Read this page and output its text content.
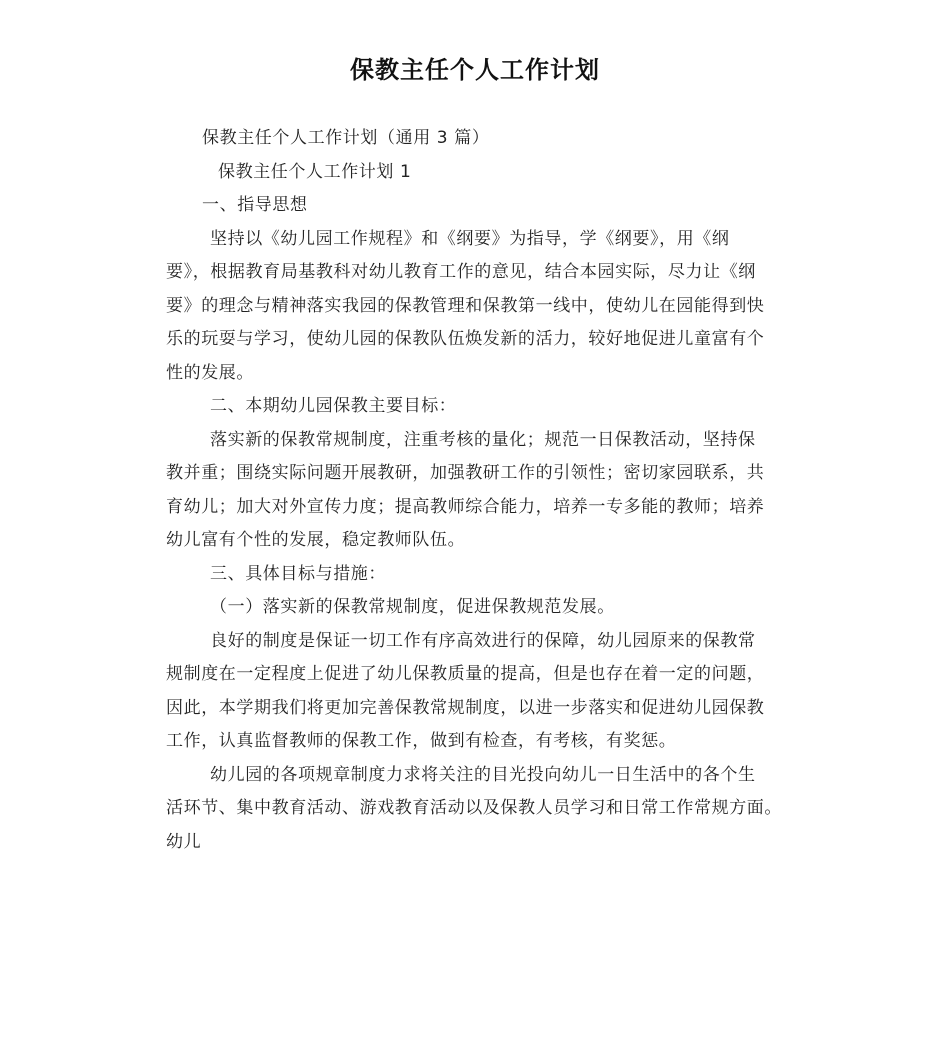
保教主任个人工作计划

保教主任个人工作计划（通用 3 篇）

保教主任个人工作计划 1

一、指导思想

坚持以《幼儿园工作规程》和《纲要》为指导，学《纲要》，用《纲

要》，根据教育局基教科对幼儿教育工作的意见，结合本园实际，尽力让《纲

要》的理念与精神落实我园的保教管理和保教第一线中，使幼儿在园能得到快

乐的玩耍与学习，使幼儿园的保教队伍焕发新的活力，较好地促进儿童富有个

性的发展。

二、本期幼儿园保教主要目标：

落实新的保教常规制度，注重考核的量化；规范一日保教活动，坚持保

教并重；围绕实际问题开展教研，加强教研工作的引领性；密切家园联系，共

育幼儿；加大对外宣传力度；提高教师综合能力，培养一专多能的教师；培养

幼儿富有个性的发展，稳定教师队伍。

三、具体目标与措施：

（一）落实新的保教常规制度，促进保教规范发展。

良好的制度是保证一切工作有序高效进行的保障，幼儿园原来的保教常

规制度在一定程度上促进了幼儿保教质量的提高，但是也存在着一定的问题，

因此，本学期我们将更加完善保教常规制度，以进一步落实和促进幼儿园保教

工作，认真监督教师的保教工作，做到有检查，有考核，有奖惩。

幼儿园的各项规章制度力求将关注的目光投向幼儿一日生活中的各个生

活环节、集中教育活动、游戏教育活动以及保教人员学习和日常工作常规方面。

幼儿
